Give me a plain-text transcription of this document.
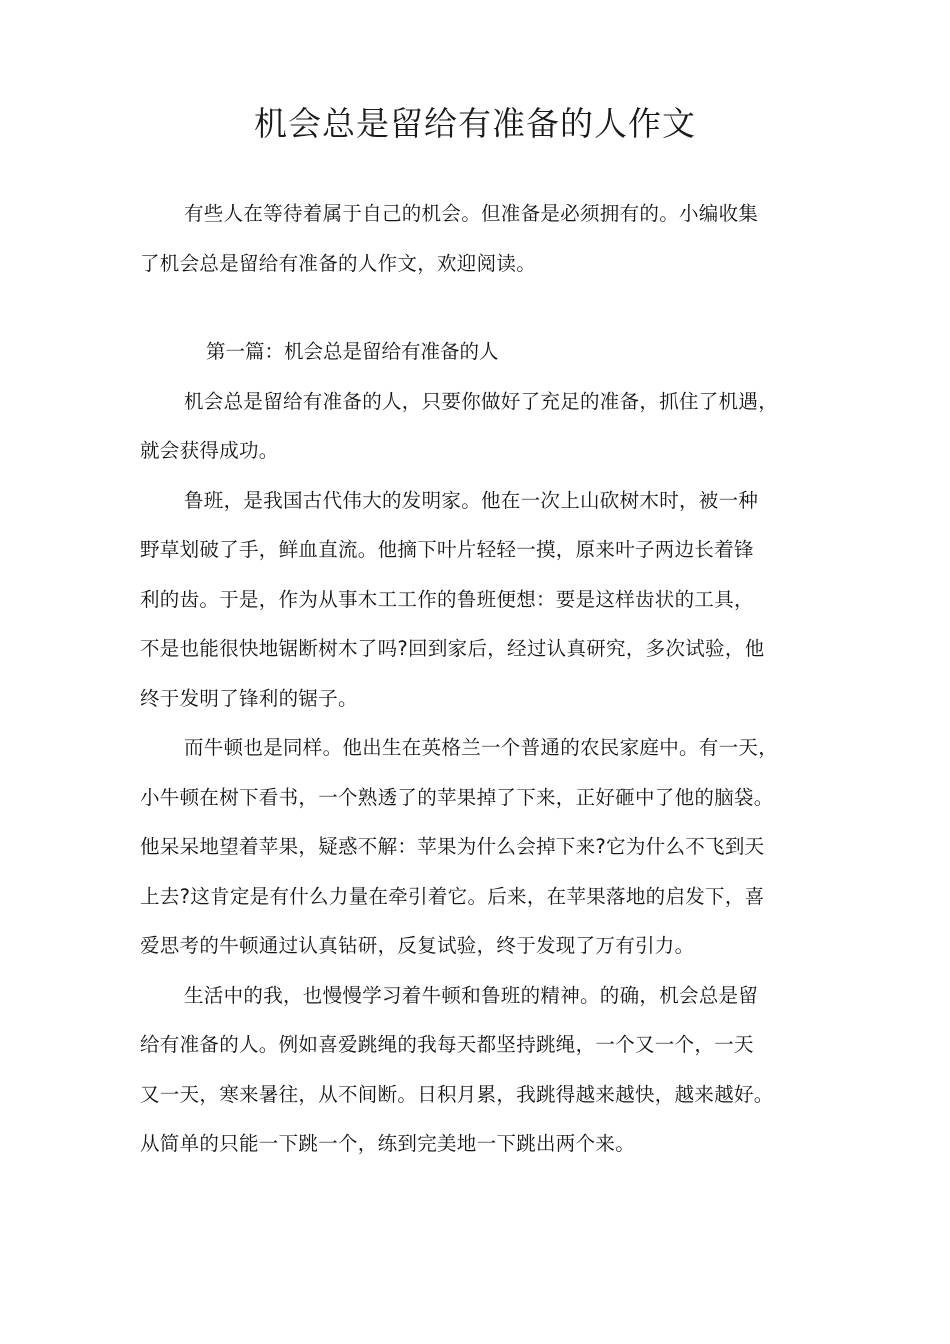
机会总是留给有准备的人作文

有些人在等待着属于自己的机会。但准备是必须拥有的。小编收集
了机会总是留给有准备的人作文，欢迎阅读。

第一篇：机会总是留给有准备的人

机会总是留给有准备的人，只要你做好了充足的准备，抓住了机遇，
就会获得成功。

鲁班，是我国古代伟大的发明家。他在一次上山砍树木时，被一种
野草划破了手，鲜血直流。他摘下叶片轻轻一摸，原来叶子两边长着锋
利的齿。于是，作为从事木工工作的鲁班便想：要是这样齿状的工具，
不是也能很快地锯断树木了吗?回到家后，经过认真研究，多次试验，他
终于发明了锋利的锯子。

而牛顿也是同样。他出生在英格兰一个普通的农民家庭中。有一天，
小牛顿在树下看书，一个熟透了的苹果掉了下来，正好砸中了他的脑袋。
他呆呆地望着苹果，疑惑不解：苹果为什么会掉下来?它为什么不飞到天
上去?这肯定是有什么力量在牵引着它。后来，在苹果落地的启发下，喜
爱思考的牛顿通过认真钻研，反复试验，终于发现了万有引力。

生活中的我，也慢慢学习着牛顿和鲁班的精神。的确，机会总是留
给有准备的人。例如喜爱跳绳的我每天都坚持跳绳，一个又一个，一天
又一天，寒来暑往，从不间断。日积月累，我跳得越来越快，越来越好。
从简单的只能一下跳一个，练到完美地一下跳出两个来。
